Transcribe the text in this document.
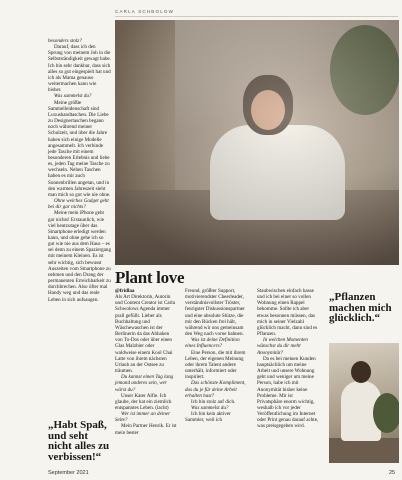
CARLA SCHBOLOW

besonders stolz?

Darauf, dass ich den Sprung von meinem Job in die Selbstständigkeit gewagt habe. Ich bin sehr dankbar, dass sich alles so gut eingespielt hat und ich als Mama genauso weitermachen kann wie bisher.

Was sammelst du?

Meine größte Sammelleidenschaft sind Luxushandtaschen. Die Liebe zu Designertaschen begann noch während meiner Schulzeit, und über die Jahre haben sich einige Modelle angesammelt. Ich verbinde jede Tasche mit einem besonderen Erlebnis und liebe es, jeden Tag meine Tasche zu wechseln. Neben Taschen haben es mir auch Sonnenbrillen angetan, und in den warmen Jahreszeit sieht man mich so gut wie nie ohne.

Ohne welches Gadget geht bei dir gar nichts?

Meine mein iPhone geht gar nichts! Erstaunlich, wie viel heutzutage über das Smartphone erledigt werden kann, und ohne gehe ich so gut wie nie aus dem Haus – es sei denn zu einem Spaziergang mit meinem Kleinen. Es ist sehr wichtig, sich bewusst Auszeiten vom Smartphone zu nehmen und den Drang der permanenten Erreichbarkeit zu durchbrechen. Also öfter mal Handy weg und das reale Leben in sich aufsaugen.

„Habt Spaß, und seht nicht alles zu verbissen!“
Plant love

@fridlaa

Als Art Direktorin, Autorin und Content Creator ist Carla Schwolows Agenda immer prall gefüllt. Lieber als Buchhaltung und Wäschewaschen ist der Berlinerin da das Abhaken von To-Dos oder über einen Glas Malzbier oder waldweise einem Kool Chai Latte von ihrem nächsten Urlaub an der Ostsee zu träumen.

Du kannst einen Tag lang jemand anderes sein, wer wärst du?

Unser Kater Alfie. Ich glaube, der hat ein ziemlich entspanntes Leben. (lacht)

Wer ist immer an deiner Seite?

Mein Partner Henrik. Er ist mein bester

Freund, größter Support, motivierendster Cheerleader, verständnisvollster Tröster, feurigster Diskussionspartner und eine absolute Stütze, die mir den Rücken frei hält, während wir uns gemeinsam den Weg nach vorne bahnen.

Was ist deine Definition eines Influencers?

Eine Person, die mit ihrem Leben, der eigenen Meinung oder ihrem Talent andere unterhält, informiert oder inspiriert.

Das schönste Kompliment, das du je für deine Arbeit erhalten hast?

Ich bin stolz auf dich.

Was sammelst du?

Ich bin kein aktiver Sammler, weil ich

Staubwischen einfach hasse und ich bei einer so vollen Wohnung einen Rappel bekomme. Sollte ich aber etwas besonnen müssen, das mich in seiner Vielzahl glücklich macht, dann sind es Pflanzen.

In welchen Momenten wünschst du dir mehr Anonymität?

Da es bei meinen Kunden hauptsächlich um meine Arbeit und unsere Wohnung geht und weniger um meine Person, habe ich mit Anonymität bisher keine Probleme. Mir ist Privatsphäre enorm wichtig, weshalb ich vor jeder Veröffentlichung im Internet oder Print genau darauf achte, was preisgegeben wird.

„Pflanzen machen mich glücklich.“
September 2021	25
